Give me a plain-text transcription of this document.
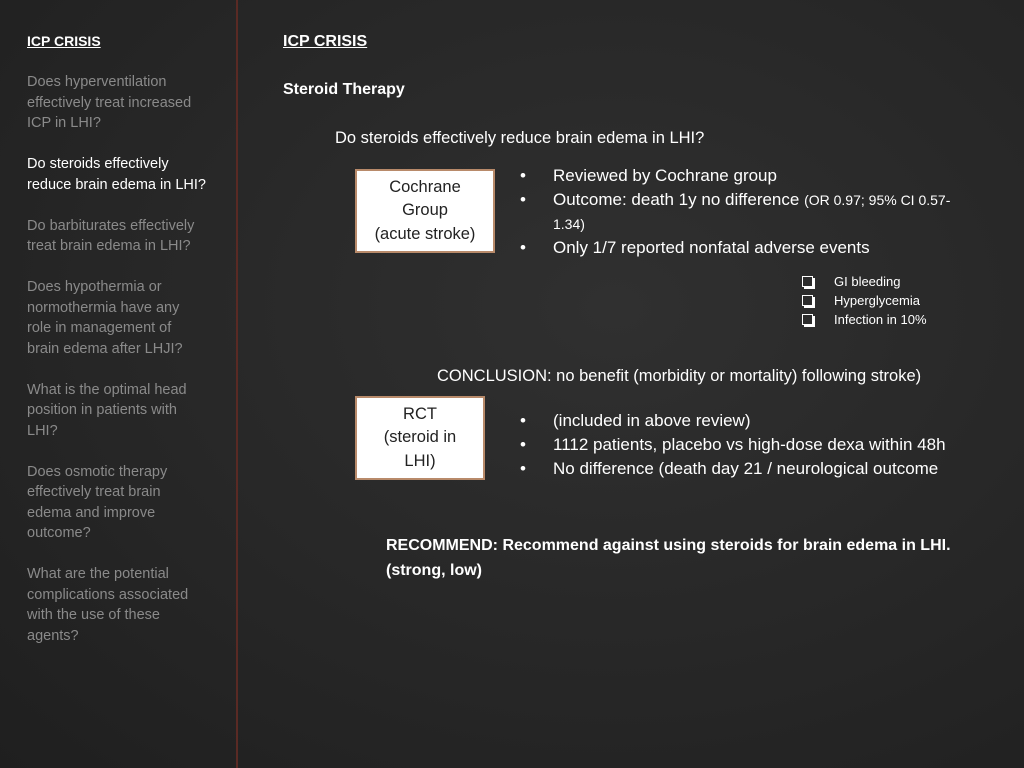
ICP CRISIS
Does hyperventilation
effectively treat increased
ICP in LHI?
Do steroids effectively
reduce brain edema in LHI?
Do barbiturates effectively
treat brain edema in LHI?
Does hypothermia or
normothermia have any
role in management of
brain edema after LHJI?
What is the optimal head
position in patients with
LHI?
Does osmotic therapy
effectively treat brain
edema and improve
outcome?
What are the potential
complications associated
with the use of these
agents?
ICP CRISIS
Steroid Therapy
Do steroids effectively reduce brain edema in LHI?
Cochrane
Group
(acute stroke)
• Reviewed by Cochrane group
• Outcome: death 1y no difference (OR 0.97; 95% CI 0.57-1.34)
• Only 1/7 reported nonfatal adverse events
GI bleeding
Hyperglycemia
Infection in 10%
CONCLUSION: no benefit (morbidity or mortality) following stroke)
RCT
(steroid in
LHI)
• (included in above review)
• 1112 patients, placebo vs high-dose dexa within 48h
• No difference (death day 21 / neurological outcome
RECOMMEND: Recommend against using steroids for brain edema in LHI. (strong, low)
